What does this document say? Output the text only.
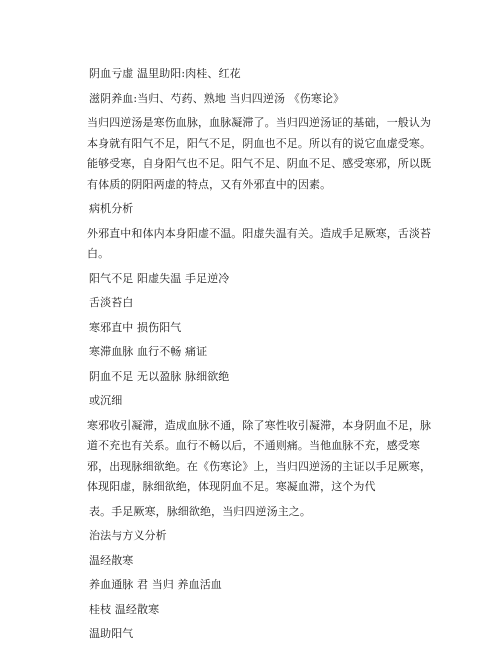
阴血亏虚 温里助阳:肉桂、红花
滋阴养血:当归、芍药、熟地 当归四逆汤 《伤寒论》
当归四逆汤是寒伤血脉，血脉凝滞了。当归四逆汤证的基础，一般认为本身就有阳气不足，阳气不足，阴血也不足。所以有的说它血虚受寒。能够受寒，自身阳气也不足。阳气不足、阴血不足、感受寒邪，所以既有体质的阴阳两虚的特点，又有外邪直中的因素。
病机分析
外邪直中和体内本身阳虚不温。阳虚失温有关。造成手足厥寒，舌淡苔白。
阳气不足 阳虚失温 手足逆冷
舌淡苔白
寒邪直中 损伤阳气
寒滞血脉 血行不畅 痛证
阴血不足 无以盈脉 脉细欲绝
或沉细
寒邪收引凝滞，造成血脉不通，除了寒性收引凝滞，本身阴血不足，脉道不充也有关系。血行不畅以后，不通则痛。当他血脉不充，感受寒邪，出现脉细欲绝。在《伤寒论》上，当归四逆汤的主证以手足厥寒，体现阳虚，脉细欲绝，体现阴血不足。寒凝血滞，这个为代
表。手足厥寒，脉细欲绝，当归四逆汤主之。
治法与方义分析
温经散寒
养血通脉 君 当归 养血活血
桂枝 温经散寒
温助阳气
